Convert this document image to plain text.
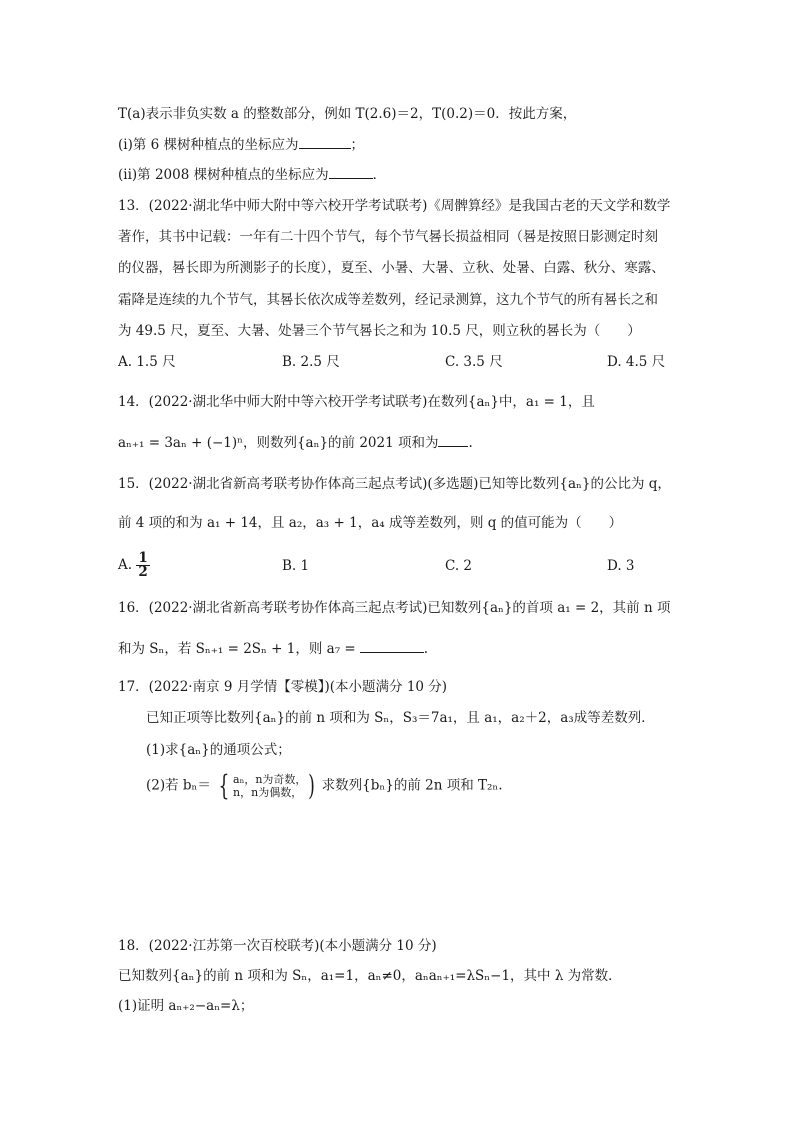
T(a)表示非负实数 a 的整数部分，例如 T(2.6)＝2，T(0.2)＝0．按此方案，
(i)第 6 棵树种植点的坐标应为	；
(ii)第 2008 棵树种植点的坐标应为	．
13．(2022·湖北华中师大附中等六校开学考试联考)《周髀算经》是我国古老的天文学和数学
著作，其书中记载：一年有二十四个节气，每个节气晷长损益相同（晷是按照日影测定时刻
的仪器，晷长即为所测影子的长度），夏至、小暑、大暑、立秋、处暑、白露、秋分、寒露、
霜降是连续的九个节气，其晷长依次成等差数列，经记录测算，这九个节气的所有晷长之和
为 49.5 尺，夏至、大暑、处暑三个节气晷长之和为 10.5 尺，则立秋的晷长为（　　）
A. 1.5 尺	B. 2.5 尺	C. 3.5 尺	D. 4.5 尺
14．(2022·湖北华中师大附中等六校开学考试联考)在数列{aₙ}中，a₁ = 1，且
aₙ₊₁ = 3aₙ + (−1)ⁿ，则数列{aₙ}的前 2021 项和为 .
15．(2022·湖北省新高考联考协作体高三起点考试)(多选题)已知等比数列{aₙ}的公比为 q，
前 4 项的和为 a₁ + 14，且 a₂，a₃ + 1，a₄ 成等差数列，则 q 的值可能为（　　）
A. $\frac{1}{2}$	B. 1	C. 2	D. 3
16．(2022·湖北省新高考联考协作体高三起点考试)已知数列{aₙ}的首项 a₁ = 2，其前 n 项
和为 Sₙ，若 Sₙ₊₁ = 2Sₙ + 1，则 a₇ =	.
17．(2022·南京 9 月学情【零模】)(本小题满分 10 分)
已知正项等比数列{aₙ}的前 n 项和为 Sₙ，S₃＝7a₁，且 a₁，a₂＋2，a₃成等差数列．
(1)求{aₙ}的通项公式；
(2)若 bₙ＝ { aₙ，n为奇数，
n，n为偶数， ) 求数列{bₙ}的前 2n 项和 T₂ₙ.
18．(2022·江苏第一次百校联考)(本小题满分 10 分)
已知数列{aₙ}的前 n 项和为 Sₙ，a₁=1，aₙ≠0，aₙaₙ₊₁=λSₙ−1，其中 λ 为常数．
(1)证明 aₙ₊₂−aₙ=λ；
